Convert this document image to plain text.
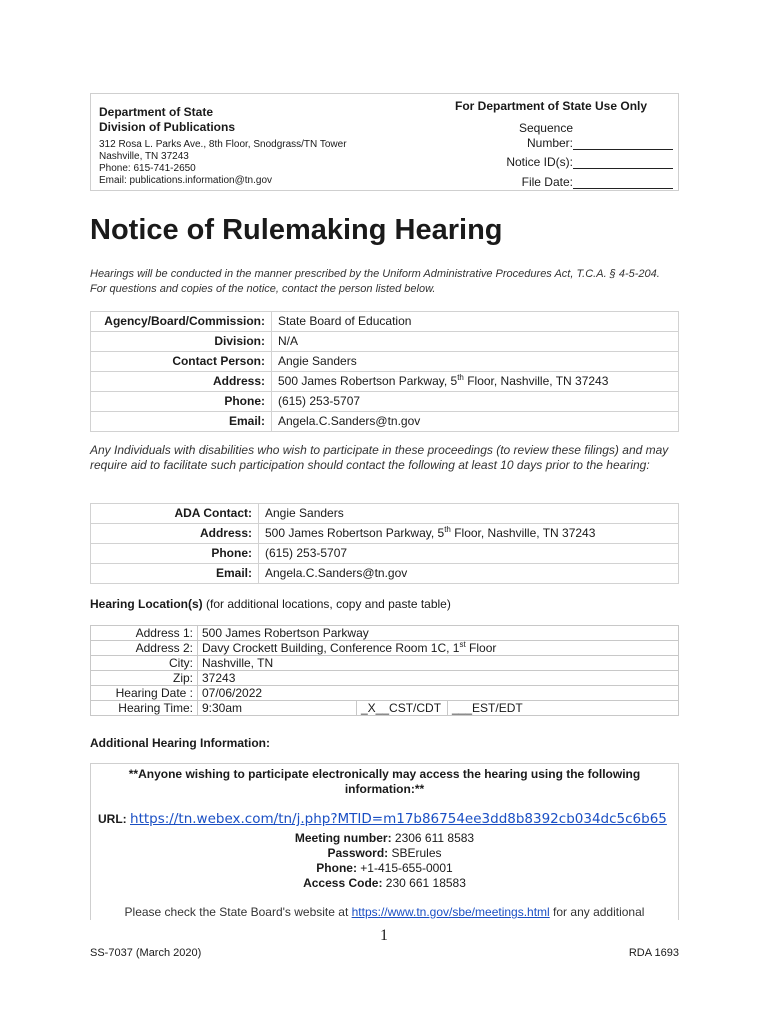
Department of State
Division of Publications
312 Rosa L. Parks Ave., 8th Floor, Snodgrass/TN Tower
Nashville, TN 37243
Phone: 615-741-2650
Email: publications.information@tn.gov
For Department of State Use Only
Sequence
Number:
Notice ID(s):
File Date:
Notice of Rulemaking Hearing
Hearings will be conducted in the manner prescribed by the Uniform Administrative Procedures Act, T.C.A. § 4-5-204.
For questions and copies of the notice, contact the person listed below.
Agency/Board/Commission:	State Board of Education
Division:	N/A
Contact Person:	Angie Sanders
Address:	500 James Robertson Parkway, 5th Floor, Nashville, TN 37243
Phone:	(615) 253-5707
Email:	Angela.C.Sanders@tn.gov
Any Individuals with disabilities who wish to participate in these proceedings (to review these filings) and may require aid to facilitate such participation should contact the following at least 10 days prior to the hearing:
ADA Contact:	Angie Sanders
Address:	500 James Robertson Parkway, 5th Floor, Nashville, TN 37243
Phone:	(615) 253-5707
Email:	Angela.C.Sanders@tn.gov
Hearing Location(s) (for additional locations, copy and paste table)
Address 1:	500 James Robertson Parkway		
Address 2:	Davy Crockett Building, Conference Room 1C, 1st Floor		
City:	Nashville, TN		
Zip:	37243		
Hearing Date :	07/06/2022		
Hearing Time:	9:30am	_X__CST/CDT	___EST/EDT
Additional Hearing Information:
**Anyone wishing to participate electronically may access the hearing using the following
information:**
URL: https://tn.webex.com/tn/j.php?MTID=m17b86754ee3dd8b8392cb034dc5c6b65
Meeting number: 2306 611 8583
Password: SBErules
Phone: +1-415-655-0001
Access Code: 230 661 18583
Please check the State Board's website at https://www.tn.gov/sbe/meetings.html for any additional
1
SS-7037 (March 2020)	RDA 1693
